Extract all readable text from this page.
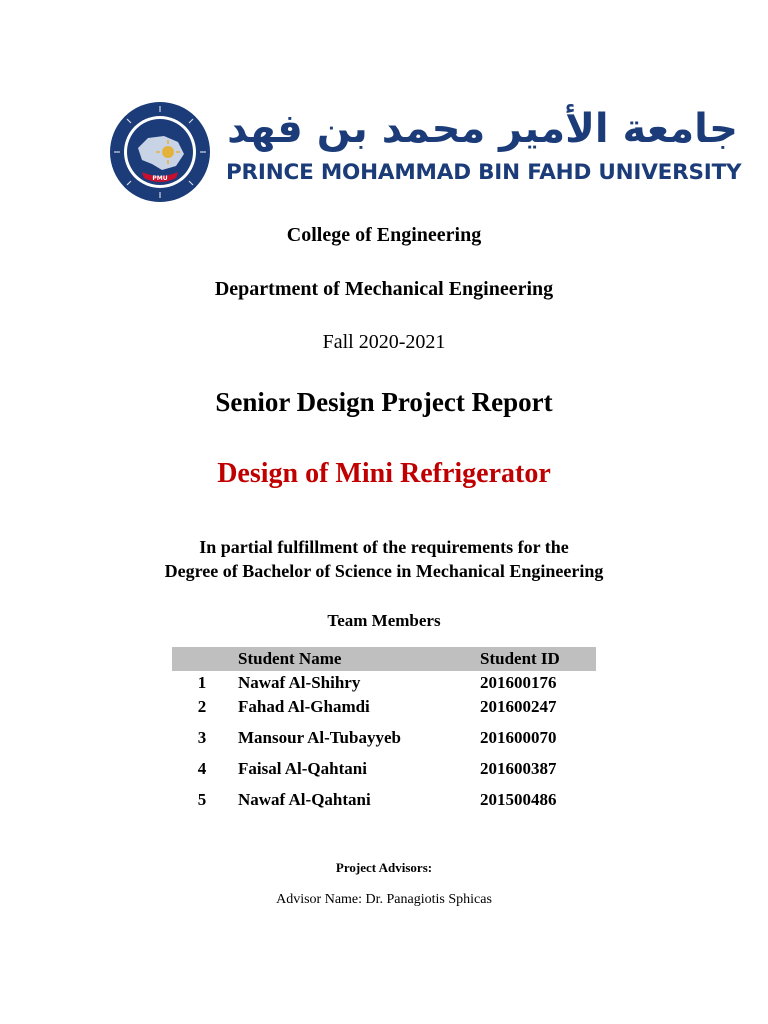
PMU
جامعة الأمير محمد بن فهد
PRINCE MOHAMMAD BIN FAHD UNIVERSITY
College of Engineering
Department of Mechanical Engineering
Fall 2020-2021
Senior Design Project Report
Design of Mini Refrigerator
In partial fulfillment of the requirements for the
Degree of Bachelor of Science in Mechanical Engineering
Team Members
Student Name	Student ID
1 Nawaf Al-Shihry	201600176
2 Fahad Al-Ghamdi	201600247
3 Mansour Al-Tubayyeb	201600070
4 Faisal Al-Qahtani	201600387
5 Nawaf Al-Qahtani	201500486
Project Advisors:
Advisor Name: Dr. Panagiotis Sphicas
